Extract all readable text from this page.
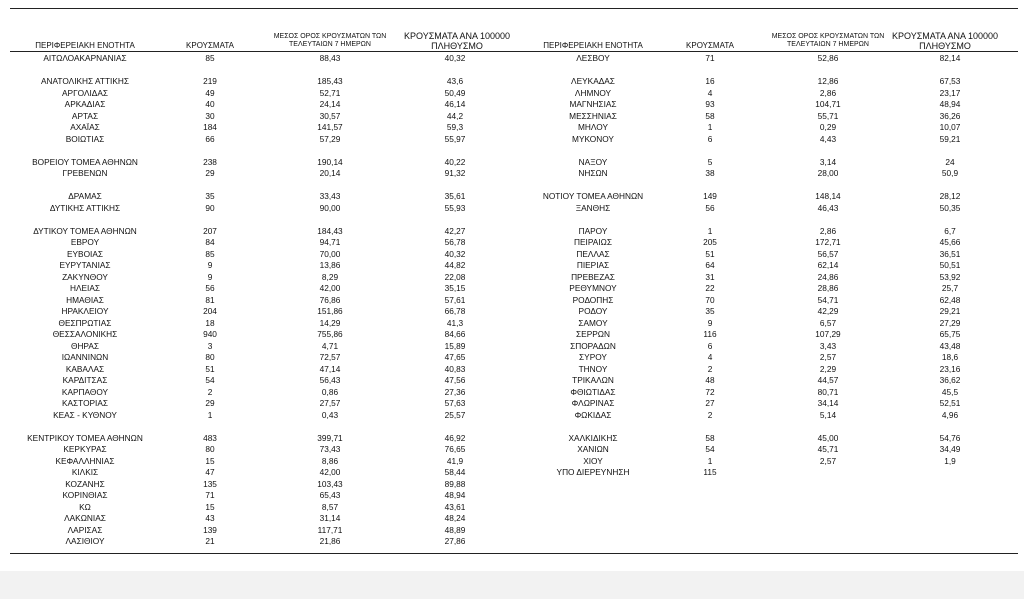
ΠΕΡΙΦΕΡΕΙΑΚΗ ΕΝΟΤΗΤΑ	ΚΡΟΥΣΜΑΤΑ
ΜΕΣΟΣ ΟΡΟΣ ΚΡΟΥΣΜΑΤΩΝ ΤΩΝ
ΤΕΛΕΥΤΑΙΩΝ 7 ΗΜΕΡΩΝ
ΚΡΟΥΣΜΑΤΑ ΑΝΑ 100000
ΠΛΗΘΥΣΜΟ	ΠΕΡΙΦΕΡΕΙΑΚΗ ΕΝΟΤΗΤΑ	ΚΡΟΥΣΜΑΤΑ
ΜΕΣΟΣ ΟΡΟΣ ΚΡΟΥΣΜΑΤΩΝ ΤΩΝ
ΤΕΛΕΥΤΑΙΩΝ 7 ΗΜΕΡΩΝ
ΚΡΟΥΣΜΑΤΑ ΑΝΑ 100000
ΠΛΗΘΥΣΜΟ
ΑΙΤΩΛΟΑΚΑΡΝΑΝΙΑΣ	85	88,43	40,32
ΑΝΑΤΟΛΙΚΗΣ ΑΤΤΙΚΗΣ	219	185,43	43,6
ΑΡΓΟΛΙΔΑΣ	49	52,71	50,49
ΑΡΚΑΔΙΑΣ	40	24,14	46,14
ΑΡΤΑΣ	30	30,57	44,2
ΑΧΑΪΑΣ	184	141,57	59,3
ΒΟΙΩΤΙΑΣ	66	57,29	55,97
ΒΟΡΕΙΟΥ ΤΟΜΕΑ ΑΘΗΝΩΝ	238	190,14	40,22
ΓΡΕΒΕΝΩΝ	29	20,14	91,32
ΔΡΑΜΑΣ	35	33,43	35,61
ΔΥΤΙΚΗΣ ΑΤΤΙΚΗΣ	90	90,00	55,93
ΔΥΤΙΚΟΥ ΤΟΜΕΑ ΑΘΗΝΩΝ	207	184,43	42,27
ΕΒΡΟΥ	84	94,71	56,78
ΕΥΒΟΙΑΣ	85	70,00	40,32
ΕΥΡΥΤΑΝΙΑΣ	9	13,86	44,82
ΖΑΚΥΝΘΟΥ	9	8,29	22,08
ΗΛΕΙΑΣ	56	42,00	35,15
ΗΜΑΘΙΑΣ	81	76,86	57,61
ΗΡΑΚΛΕΙΟΥ	204	151,86	66,78
ΘΕΣΠΡΩΤΙΑΣ	18	14,29	41,3
ΘΕΣΣΑΛΟΝΙΚΗΣ	940	755,86	84,66
ΘΗΡΑΣ	3	4,71	15,89
ΙΩΑΝΝΙΝΩΝ	80	72,57	47,65
ΚΑΒΑΛΑΣ	51	47,14	40,83
ΚΑΡΔΙΤΣΑΣ	54	56,43	47,56
ΚΑΡΠΑΘΟΥ	2	0,86	27,36
ΚΑΣΤΟΡΙΑΣ	29	27,57	57,63
ΚΕΑΣ - ΚΥΘΝΟΥ	1	0,43	25,57
ΚΕΝΤΡΙΚΟΥ ΤΟΜΕΑ ΑΘΗΝΩΝ	483	399,71	46,92
ΚΕΡΚΥΡΑΣ	80	73,43	76,65
ΚΕΦΑΛΛΗΝΙΑΣ	15	8,86	41,9
ΚΙΛΚΙΣ	47	42,00	58,44
ΚΟΖΑΝΗΣ	135	103,43	89,88
ΚΟΡΙΝΘΙΑΣ	71	65,43	48,94
ΚΩ	15	8,57	43,61
ΛΑΚΩΝΙΑΣ	43	31,14	48,24
ΛΑΡΙΣΑΣ	139	117,71	48,89
ΛΑΣΙΘΙΟΥ	21	21,86	27,86
ΛΕΣΒΟΥ	71	52,86	82,14
ΛΕΥΚΑΔΑΣ	16	12,86	67,53
ΛΗΜΝΟΥ	4	2,86	23,17
ΜΑΓΝΗΣΙΑΣ	93	104,71	48,94
ΜΕΣΣΗΝΙΑΣ	58	55,71	36,26
ΜΗΛΟΥ	1	0,29	10,07
ΜΥΚΟΝΟΥ	6	4,43	59,21
ΝΑΞΟΥ	5	3,14	24
ΝΗΣΩΝ	38	28,00	50,9
ΝΟΤΙΟΥ ΤΟΜΕΑ ΑΘΗΝΩΝ	149	148,14	28,12
ΞΑΝΘΗΣ	56	46,43	50,35
ΠΑΡΟΥ	1	2,86	6,7
ΠΕΙΡΑΙΩΣ	205	172,71	45,66
ΠΕΛΛΑΣ	51	56,57	36,51
ΠΙΕΡΙΑΣ	64	62,14	50,51
ΠΡΕΒΕΖΑΣ	31	24,86	53,92
ΡΕΘΥΜΝΟΥ	22	28,86	25,7
ΡΟΔΟΠΗΣ	70	54,71	62,48
ΡΟΔΟΥ	35	42,29	29,21
ΣΑΜΟΥ	9	6,57	27,29
ΣΕΡΡΩΝ	116	107,29	65,75
ΣΠΟΡΑΔΩΝ	6	3,43	43,48
ΣΥΡΟΥ	4	2,57	18,6
ΤΗΝΟΥ	2	2,29	23,16
ΤΡΙΚΑΛΩΝ	48	44,57	36,62
ΦΘΙΩΤΙΔΑΣ	72	80,71	45,5
ΦΛΩΡΙΝΑΣ	27	34,14	52,51
ΦΩΚΙΔΑΣ	2	5,14	4,96
ΧΑΛΚΙΔΙΚΗΣ	58	45,00	54,76
ΧΑΝΙΩΝ	54	45,71	34,49
ΧΙΟΥ	1	2,57	1,9
ΥΠΟ ΔΙΕΡΕΥΝΗΣΗ	115
